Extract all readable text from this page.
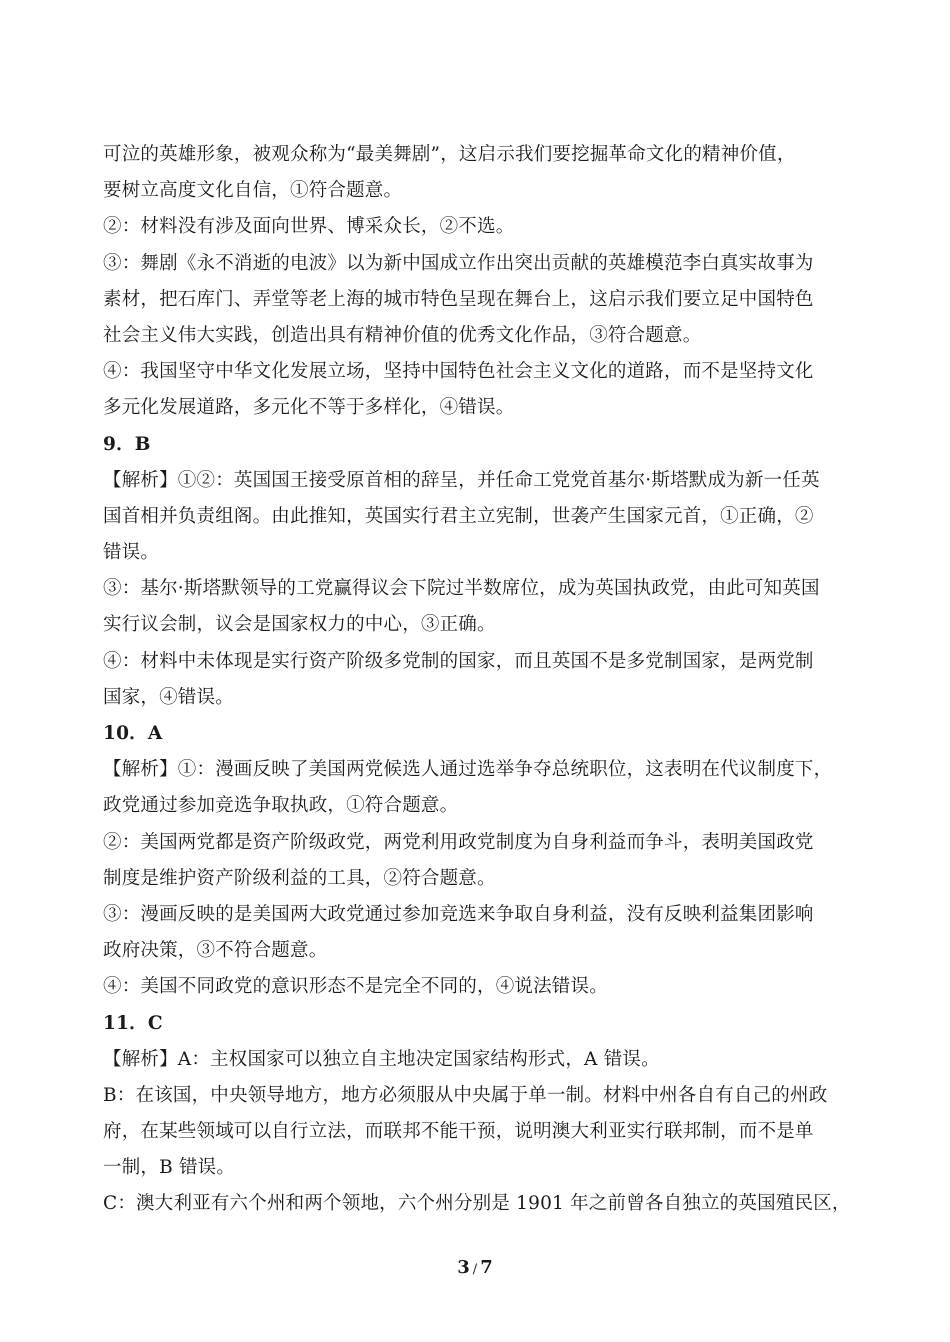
可泣的英雄形象，被观众称为“最美舞剧”，这启示我们要挖掘革命文化的精神价值，
要树立高度文化自信，①符合题意。
②：材料没有涉及面向世界、博采众长，②不选。
③：舞剧《永不消逝的电波》以为新中国成立作出突出贡献的英雄模范李白真实故事为
素材，把石库门、弄堂等老上海的城市特色呈现在舞台上，这启示我们要立足中国特色
社会主义伟大实践，创造出具有精神价值的优秀文化作品，③符合题意。
④：我国坚守中华文化发展立场，坚持中国特色社会主义文化的道路，而不是坚持文化
多元化发展道路，多元化不等于多样化，④错误。
9．B
【解析】①②：英国国王接受原首相的辞呈，并任命工党党首基尔·斯塔默成为新一任英
国首相并负责组阁。由此推知，英国实行君主立宪制，世袭产生国家元首，①正确，②
错误。
③：基尔·斯塔默领导的工党赢得议会下院过半数席位，成为英国执政党，由此可知英国
实行议会制，议会是国家权力的中心，③正确。
④：材料中未体现是实行资产阶级多党制的国家，而且英国不是多党制国家，是两党制
国家，④错误。
10．A
【解析】①：漫画反映了美国两党候选人通过选举争夺总统职位，这表明在代议制度下，
政党通过参加竞选争取执政，①符合题意。
②：美国两党都是资产阶级政党，两党利用政党制度为自身利益而争斗，表明美国政党
制度是维护资产阶级利益的工具，②符合题意。
③：漫画反映的是美国两大政党通过参加竞选来争取自身利益，没有反映利益集团影响
政府决策，③不符合题意。
④：美国不同政党的意识形态不是完全不同的，④说法错误。
11．C
【解析】A：主权国家可以独立自主地决定国家结构形式，A 错误。
B：在该国，中央领导地方，地方必须服从中央属于单一制。材料中州各自有自己的州政
府，在某些领域可以自行立法，而联邦不能干预，说明澳大利亚实行联邦制，而不是单
一制，B 错误。
C：澳大利亚有六个州和两个领地，六个州分别是 1901 年之前曾各自独立的英国殖民区，
3 / 7
